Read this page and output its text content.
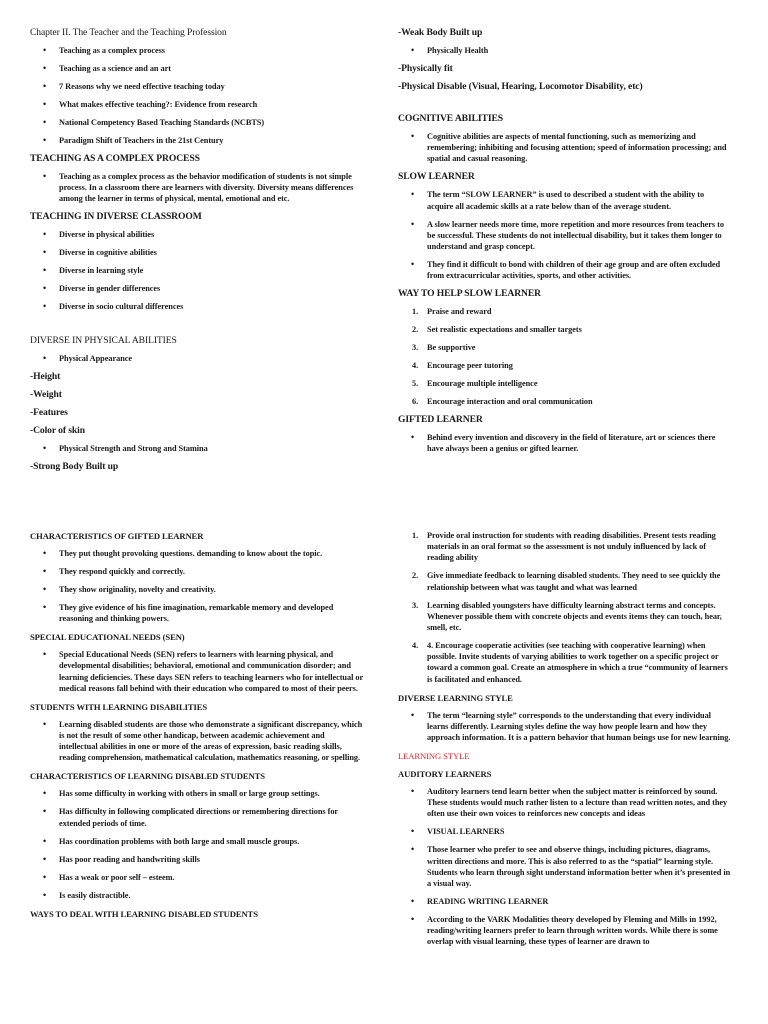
Chapter II. The Teacher and the Teaching Profession
• Teaching as a complex process
• Teaching as a science and an art
• 7 Reasons why we need effective teaching today
• What makes effective teaching?: Evidence from research
• National Competency Based Teaching Standards (NCBTS)
• Paradigm Shift of Teachers in the 21st Century
TEACHING AS A COMPLEX PROCESS
• Teaching as a complex process as the behavior modification of students is not simple process. In a classroom there are learners with diversity. Diversity means differences among the learner in terms of physical, mental, emotional and etc.
TEACHING IN DIVERSE CLASSROOM
• Diverse in physical abilities
• Diverse in cognitive abilities
• Diverse in learning style
• Diverse in gender differences
• Diverse in socio cultural differences
DIVERSE IN PHYSICAL ABILITIES
• Physical Appearance
-Height
-Weight
-Features
-Color of skin
• Physical Strength and Strong and Stamina
-Strong Body Built up
-Weak Body Built up
• Physically Health
-Physically fit
-Physical Disable (Visual, Hearing, Locomotor Disability, etc)
COGNITIVE ABILITIES
• Cognitive abilities are aspects of mental functioning, such as memorizing and remembering; inhibiting and focusing attention; speed of information processing; and spatial and casual reasoning.
SLOW LEARNER
• The term “SLOW LEARNER” is used to described a student with the ability to acquire all academic skills at a rate below than of the average student.
• A slow learner needs more time, more repetition and more resources from teachers to be successful. These students do not intellectual disability, but it takes them longer to understand and grasp concept.
• They find it difficult to bond with children of their age group and are often excluded from extracurricular activities, sports, and other activities.
WAY TO HELP SLOW LEARNER
1. Praise and reward
2. Set realistic expectations and smaller targets
3. Be supportive
4. Encourage peer tutoring
5. Encourage multiple intelligence
6. Encourage interaction and oral communication
GIFTED LEARNER
• Behind every invention and discovery in the field of literature, art or sciences there have always been a genius or gifted learner.
CHARACTERISTICS OF GIFTED LEARNER
• They put thought provoking questions. demanding to know about the topic.
• They respond quickly and correctly.
• They show originality, novelty and creativity.
• They give evidence of his fine imagination, remarkable memory and developed reasoning and thinking powers.
SPECIAL EDUCATIONAL NEEDS (SEN)
• Special Educational Needs (SEN) refers to learners with learning physical, and developmental disabilities; behavioral, emotional and communication disorder; and learning deficiencies. These days SEN refers to teaching learners who for intellectual or medical reasons fall behind with their education who compared to most of their peers.
STUDENTS WITH LEARNING DISABILITIES
• Learning disabled students are those who demonstrate a significant discrepancy, which is not the result of some other handicap, between academic achievement and intellectual abilities in one or more of the areas of expression, basic reading skills, reading comprehension, mathematical calculation, mathematics reasoning, or spelling.
CHARACTERISTICS OF LEARNING DISABLED STUDENTS
• Has some difficulty in working with others in small or large group settings.
• Has difficulty in following complicated directions or remembering directions for extended periods of time.
• Has coordination problems with both large and small muscle groups.
• Has poor reading and handwriting skills
• Has a weak or poor self – esteem.
• Is easily distractible.
WAYS TO DEAL WITH LEARNING DISABLED STUDENTS
1. Provide oral instruction for students with reading disabilities. Present tests reading materials in an oral format so the assessment is not unduly influenced by lack of reading ability
2. Give immediate feedback to learning disabled students. They need to see quickly the relationship between what was taught and what was learned
3. Learning disabled youngsters have difficulty learning abstract terms and concepts. Whenever possible them with concrete objects and events items they can touch, hear, smell, etc.
4. 4. Encourage cooperatie activities (see teaching with cooperative learning) when possible. Invite students of varying abilities to work together on a specific project or toward a common goal. Create an atmosphere in which a true “community of learners is facilitated and enhanced.
DIVERSE LEARNING STYLE
• The term “learning style” corresponds to the understanding that every individual learns differently. Learning styles define the way how people learn and how they approach information. It is a pattern behavior that human beings use for new learning.
LEARNING STYLE
AUDITORY LEARNERS
• Auditory learners tend learn better when the subject matter is reinforced by sound. These students would much rather listen to a lecture than read written notes, and they often use their own voices to reinforces new concepts and ideas
• VISUAL LEARNERS
• Those learner who prefer to see and observe things, including pictures, diagrams, written directions and more. This is also referred to as the “spatial” learning style. Students who learn through sight understand information better when it’s presented in a visual way.
• READING WRITING LEARNER
• According to the VARK Modalities theory developed by Fleming and Mills in 1992, reading/writing learners prefer to learn through written words. While there is some overlap with visual learning, these types of learner are drawn to
